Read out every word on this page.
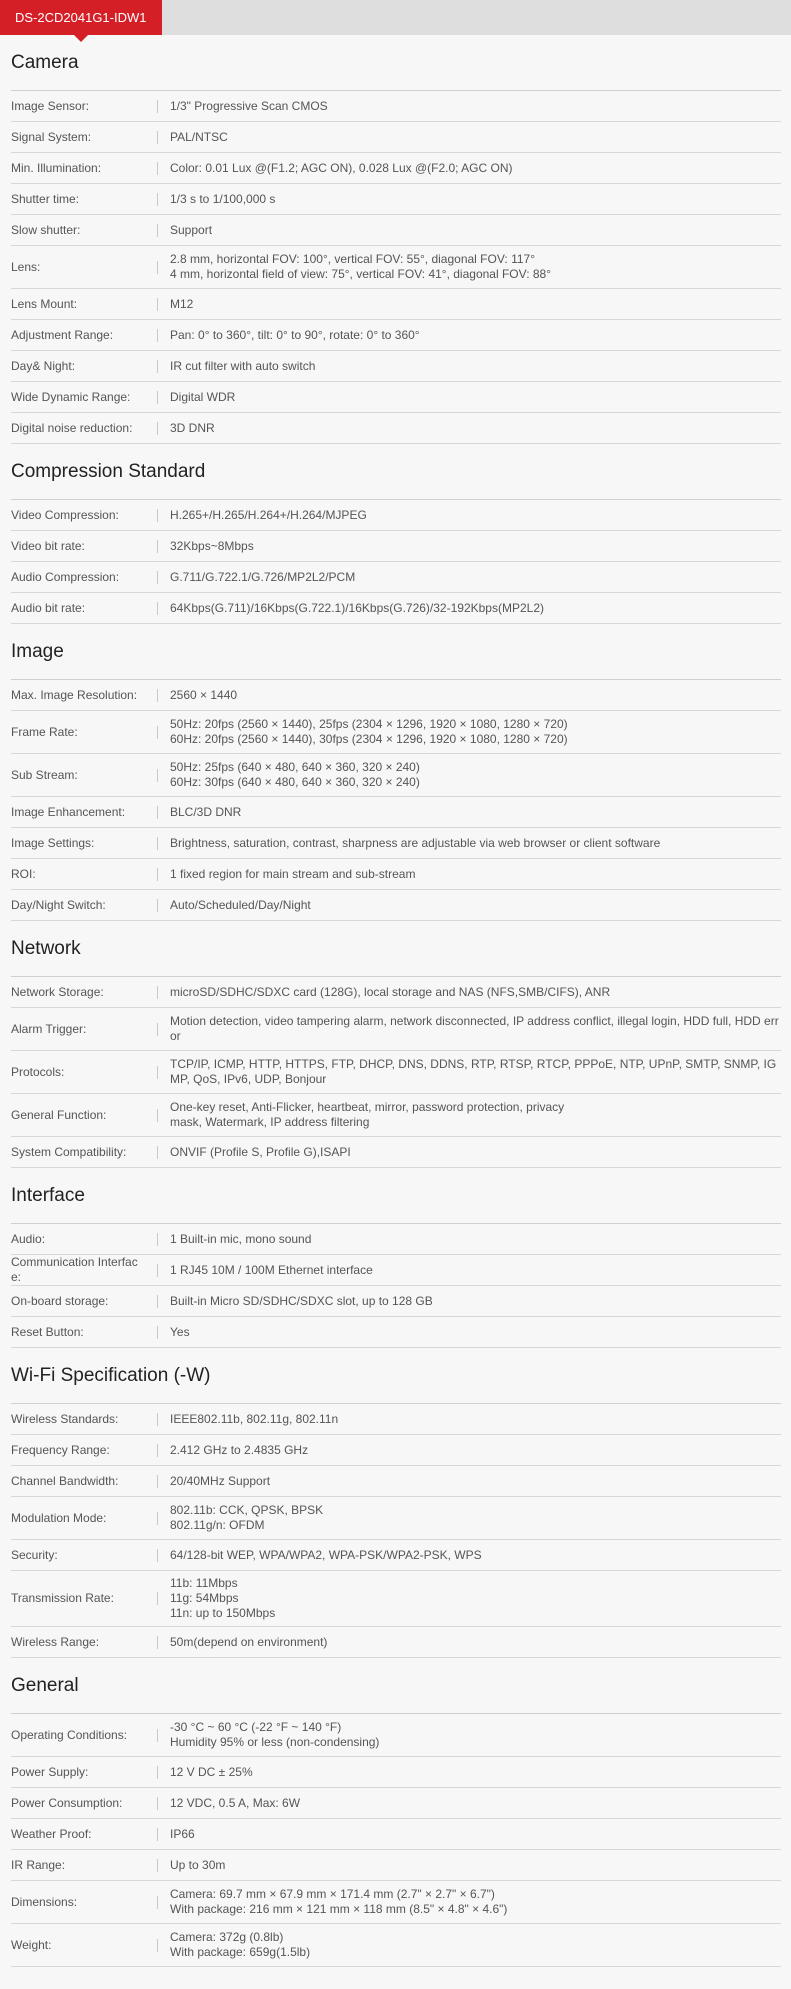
DS-2CD2041G1-IDW1
Camera
Image Sensor:	1/3" Progressive Scan CMOS
Signal System:	PAL/NTSC
Min. Illumination:	Color: 0.01 Lux @(F1.2; AGC ON), 0.028 Lux @(F2.0; AGC ON)
Shutter time:	1/3 s to 1/100,000 s
Slow shutter:	Support
Lens:
2.8 mm, horizontal FOV: 100°, vertical FOV: 55°, diagonal FOV: 117°
4 mm, horizontal field of view: 75°, vertical FOV: 41°, diagonal FOV: 88°
Lens Mount:	M12
Adjustment Range:	Pan: 0° to 360°, tilt: 0° to 90°, rotate: 0° to 360°
Day& Night:	IR cut filter with auto switch
Wide Dynamic Range:	Digital WDR
Digital noise reduction:	3D DNR
Compression Standard
Video Compression:	H.265+/H.265/H.264+/H.264/MJPEG
Video bit rate:	32Kbps~8Mbps
Audio Compression:	G.711/G.722.1/G.726/MP2L2/PCM
Audio bit rate:	64Kbps(G.711)/16Kbps(G.722.1)/16Kbps(G.726)/32-192Kbps(MP2L2)
Image
Max. Image Resolution:	2560 × 1440
Frame Rate:
50Hz: 20fps (2560 × 1440), 25fps (2304 × 1296, 1920 × 1080, 1280 × 720)
60Hz: 20fps (2560 × 1440), 30fps (2304 × 1296, 1920 × 1080, 1280 × 720)
Sub Stream:
50Hz: 25fps (640 × 480, 640 × 360, 320 × 240)
60Hz: 30fps (640 × 480, 640 × 360, 320 × 240)
Image Enhancement:	BLC/3D DNR
Image Settings:	Brightness, saturation, contrast, sharpness are adjustable via web browser or client software
ROI:	1 fixed region for main stream and sub-stream
Day/Night Switch:	Auto/Scheduled/Day/Night
Network
Network Storage:	microSD/SDHC/SDXC card (128G), local storage and NAS (NFS,SMB/CIFS), ANR
Alarm Trigger:
Motion detection, video tampering alarm, network disconnected, IP address conflict, illegal login, HDD full, HDD error
Protocols:
TCP/IP, ICMP, HTTP, HTTPS, FTP, DHCP, DNS, DDNS, RTP, RTSP, RTCP, PPPoE, NTP, UPnP, SMTP, SNMP, IGMP, QoS, IPv6, UDP, Bonjour
General Function:
One-key reset, Anti-Flicker, heartbeat, mirror, password protection, privacy
mask, Watermark, IP address filtering
System Compatibility:	ONVIF (Profile S, Profile G),ISAPI
Interface
Audio:	1 Built-in mic, mono sound
Communication Interface:
1 RJ45 10M / 100M Ethernet interface
On-board storage:	Built-in Micro SD/SDHC/SDXC slot, up to 128 GB
Reset Button:	Yes
Wi-Fi Specification (-W)
Wireless Standards:	IEEE802.11b, 802.11g, 802.11n
Frequency Range:	2.412 GHz to 2.4835 GHz
Channel Bandwidth:	20/40MHz Support
Modulation Mode:
802.11b: CCK, QPSK, BPSK
802.11g/n: OFDM
Security:	64/128-bit WEP, WPA/WPA2, WPA-PSK/WPA2-PSK, WPS
Transmission Rate:
11b: 11Mbps
11g: 54Mbps
11n: up to 150Mbps
Wireless Range:	50m(depend on environment)
General
Operating Conditions:
-30 °C ~ 60 °C (-22 °F ~ 140 °F)
Humidity 95% or less (non-condensing)
Power Supply:	12 V DC ± 25%
Power Consumption:	12 VDC, 0.5 A, Max: 6W
Weather Proof:	IP66
IR Range:	Up to 30m
Dimensions:
Camera: 69.7 mm × 67.9 mm × 171.4 mm (2.7" × 2.7" × 6.7")
With package: 216 mm × 121 mm × 118 mm (8.5" × 4.8" × 4.6")
Weight:
Camera: 372g (0.8lb)
With package: 659g(1.5lb)
